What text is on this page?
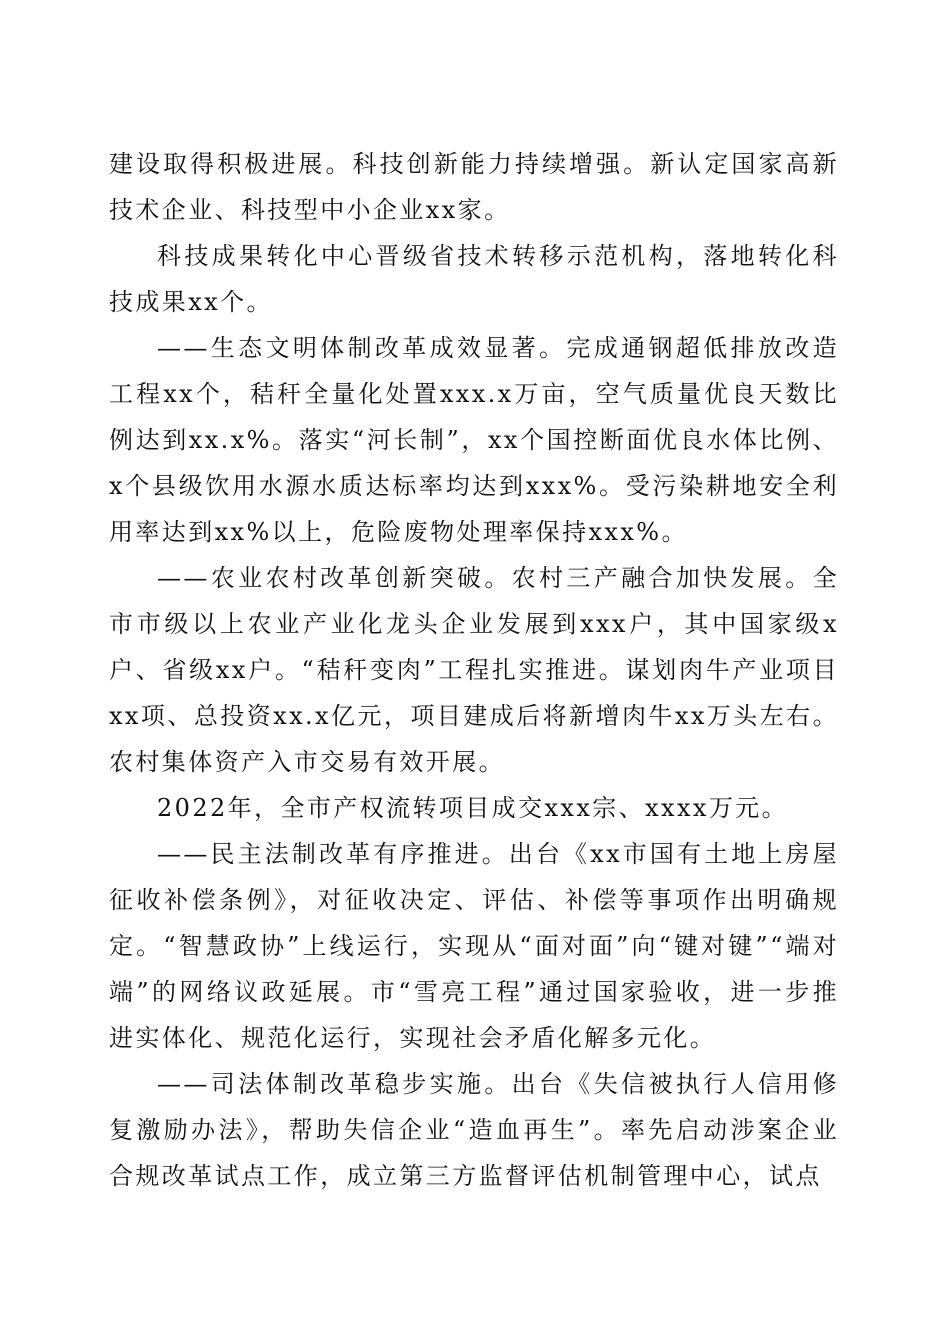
建设取得积极进展。科技创新能力持续增强。新认定国家高新技术企业、科技型中小企业xx家。

科技成果转化中心晋级省技术转移示范机构，落地转化科技成果xx个。

——生态文明体制改革成效显著。完成通钢超低排放改造工程xx个，秸秆全量化处置xxx.x万亩，空气质量优良天数比例达到xx.x%。落实“河长制”，xx个国控断面优良水体比例、x个县级饮用水源水质达标率均达到xxx%。受污染耕地安全利用率达到xx%以上，危险废物处理率保持xxx%。

——农业农村改革创新突破。农村三产融合加快发展。全市市级以上农业产业化龙头企业发展到xxx户，其中国家级x户、省级xx户。“秸秆变肉”工程扎实推进。谋划肉牛产业项目xx项、总投资xx.x亿元，项目建成后将新增肉牛xx万头左右。农村集体资产入市交易有效开展。

2022年，全市产权流转项目成交xxx宗、xxxx万元。

——民主法制改革有序推进。出台《xx市国有土地上房屋征收补偿条例》，对征收决定、评估、补偿等事项作出明确规定。“智慧政协”上线运行，实现从“面对面”向“键对键”“端对端”的网络议政延展。市“雪亮工程”通过国家验收，进一步推进实体化、规范化运行，实现社会矛盾化解多元化。

——司法体制改革稳步实施。出台《失信被执行人信用修复激励办法》，帮助失信企业“造血再生”。率先启动涉案企业合规改革试点工作，成立第三方监督评估机制管理中心，试点
